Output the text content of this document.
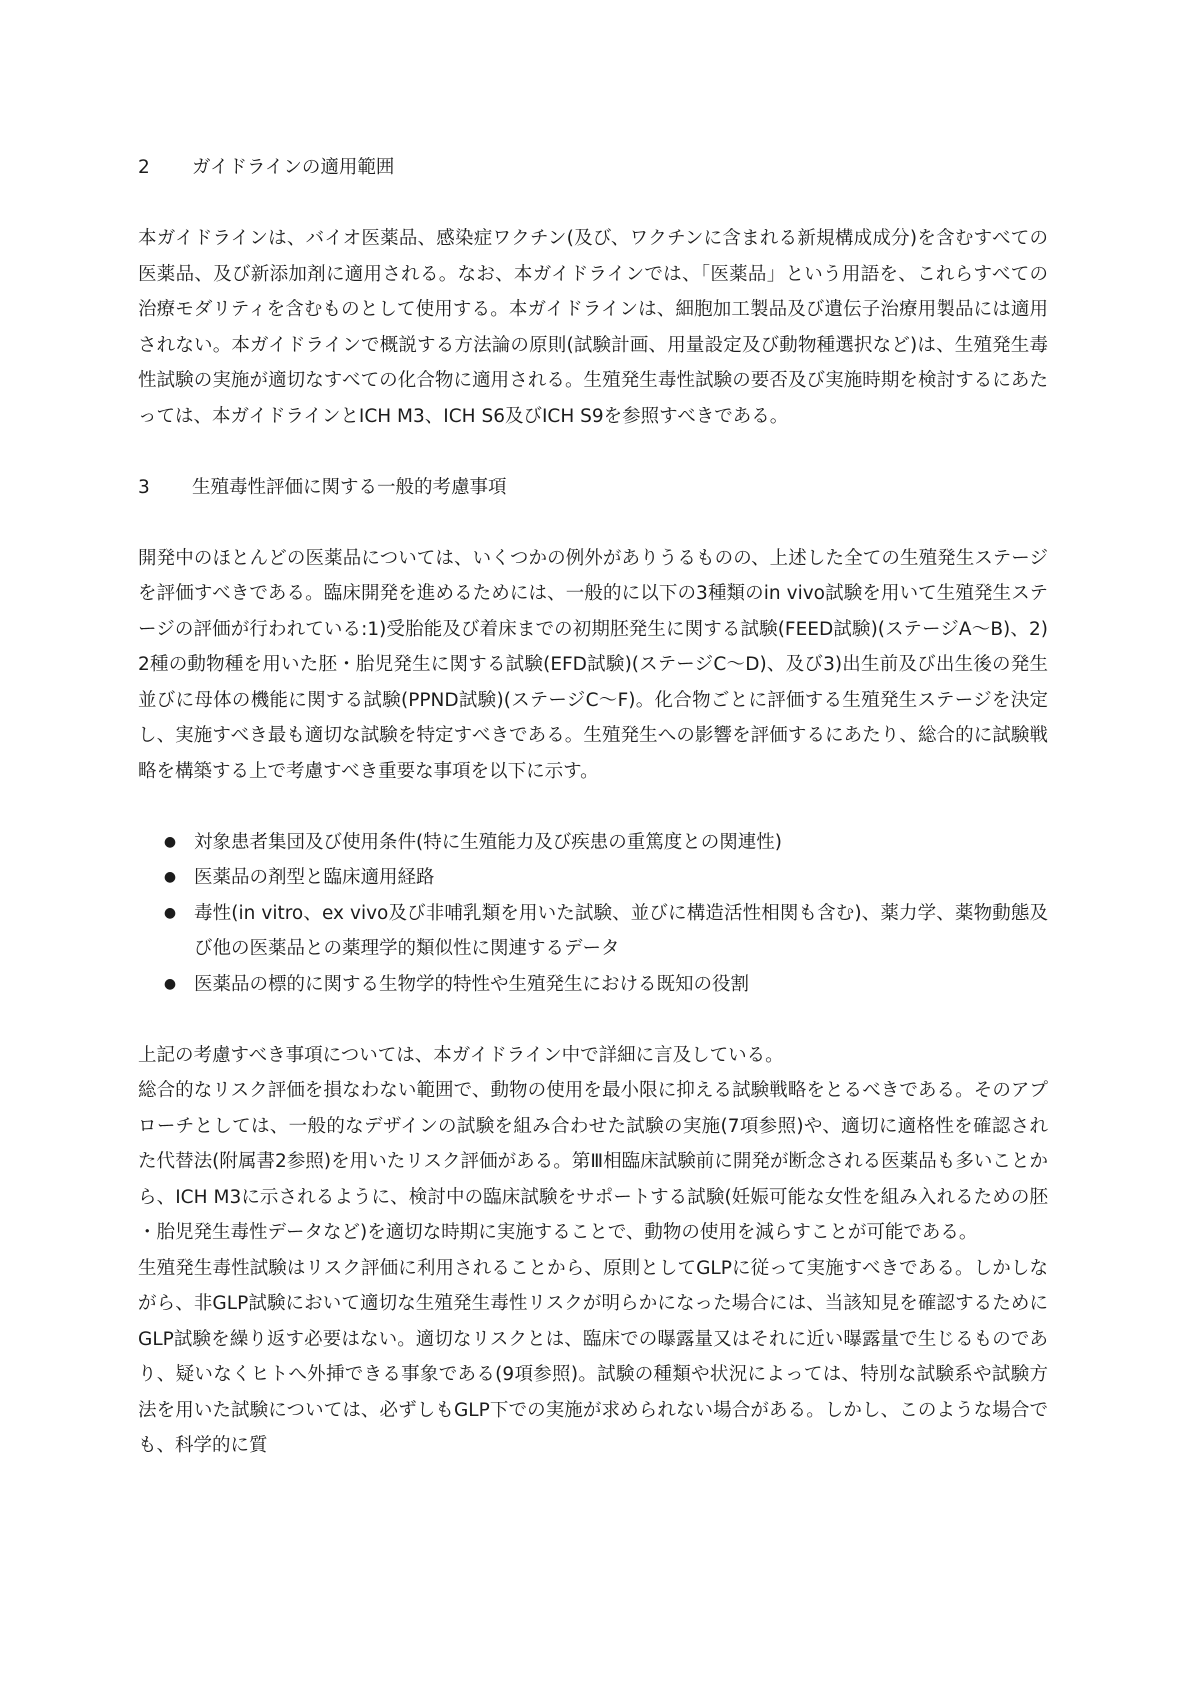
2	ガイドラインの適用範囲

本ガイドラインは、バイオ医薬品、感染症ワクチン(及び、ワクチンに含まれる新規構成成分)を含むすべての医薬品、及び新添加剤に適用される。なお、本ガイドラインでは、「医薬品」という用語を、これらすべての治療モダリティを含むものとして使用する。本ガイドラインは、細胞加工製品及び遺伝子治療用製品には適用されない。本ガイドラインで概説する方法論の原則(試験計画、用量設定及び動物種選択など)は、生殖発生毒性試験の実施が適切なすべての化合物に適用される。生殖発生毒性試験の要否及び実施時期を検討するにあたっては、本ガイドラインとICH M3、ICH S6及びICH S9を参照すべきである。

3	生殖毒性評価に関する一般的考慮事項

開発中のほとんどの医薬品については、いくつかの例外がありうるものの、上述した全ての生殖発生ステージを評価すべきである。臨床開発を進めるためには、一般的に以下の3種類のin vivo試験を用いて生殖発生ステージの評価が行われている:1)受胎能及び着床までの初期胚発生に関する試験(FEED試験)(ステージA〜B)、2)2種の動物種を用いた胚・胎児発生に関する試験(EFD試験)(ステージC〜D)、及び3)出生前及び出生後の発生並びに母体の機能に関する試験(PPND試験)(ステージC〜F)。化合物ごとに評価する生殖発生ステージを決定し、実施すべき最も適切な試験を特定すべきである。生殖発生への影響を評価するにあたり、総合的に試験戦略を構築する上で考慮すべき重要な事項を以下に示す。

● 対象患者集団及び使用条件(特に生殖能力及び疾患の重篤度との関連性)
● 医薬品の剤型と臨床適用経路
● 毒性(in vitro、ex vivo及び非哺乳類を用いた試験、並びに構造活性相関も含む)、薬力学、薬物動態及び他の医薬品との薬理学的類似性に関連するデータ
● 医薬品の標的に関する生物学的特性や生殖発生における既知の役割

上記の考慮すべき事項については、本ガイドライン中で詳細に言及している。

総合的なリスク評価を損なわない範囲で、動物の使用を最小限に抑える試験戦略をとるべきである。そのアプローチとしては、一般的なデザインの試験を組み合わせた試験の実施(7項参照)や、適切に適格性を確認された代替法(附属書2参照)を用いたリスク評価がある。第Ⅲ相臨床試験前に開発が断念される医薬品も多いことから、ICH M3に示されるように、検討中の臨床試験をサポートする試験(妊娠可能な女性を組み入れるための胚・胎児発生毒性データなど)を適切な時期に実施することで、動物の使用を減らすことが可能である。

生殖発生毒性試験はリスク評価に利用されることから、原則としてGLPに従って実施すべきである。しかしながら、非GLP試験において適切な生殖発生毒性リスクが明らかになった場合には、当該知見を確認するためにGLP試験を繰り返す必要はない。適切なリスクとは、臨床での曝露量又はそれに近い曝露量で生じるものであり、疑いなくヒトへ外挿できる事象である(9項参照)。試験の種類や状況によっては、特別な試験系や試験方法を用いた試験については、必ずしもGLP下での実施が求められない場合がある。しかし、このような場合でも、科学的に質
